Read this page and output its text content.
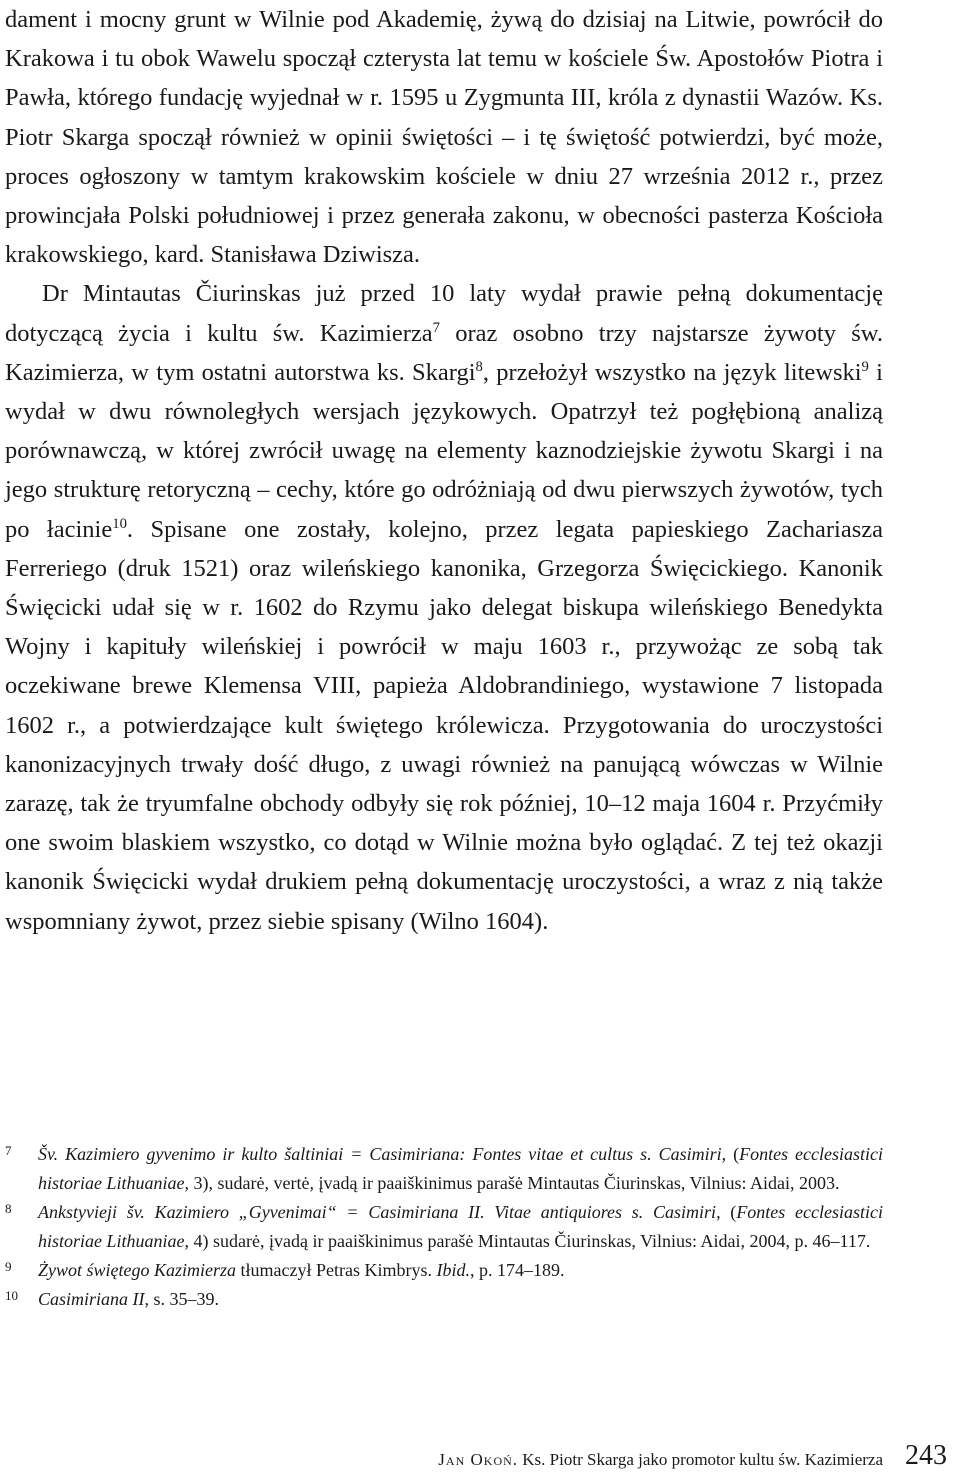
dament i mocny grunt w Wilnie pod Akademię, żywą do dzisiaj na Litwie, powrócił do Krakowa i tu obok Wawelu spoczął czterysta lat temu w kościele Św. Apostołów Piotra i Pawła, którego fundację wyjednał w r. 1595 u Zygmunta III, króla z dynastii Wazów. Ks. Piotr Skarga spoczął również w opinii świętości – i tę świętość potwierdzi, być może, proces ogłoszony w tamtym krakowskim kościele w dniu 27 września 2012 r., przez prowincjała Polski południowej i przez generała zakonu, w obecności pasterza Kościoła krakowskiego, kard. Stanisława Dziwisza.

Dr Mintautas Čiurinskas już przed 10 laty wydał prawie pełną dokumentację dotyczącą życia i kultu św. Kazimierza$^7$ oraz osobno trzy najstarsze żywoty św. Kazimierza, w tym ostatni autorstwa ks. Skargi$^8$, przełożył wszystko na język litewski$^9$ i wydał w dwu równoległych wersjach językowych. Opatrzył też pogłębioną analizą porównawczą, w której zwrócił uwagę na elementy kaznodziejskie żywotu Skargi i na jego strukturę retoryczną – cechy, które go odróżniają od dwu pierwszych żywotów, tych po łacinie$^{10}$. Spisane one zostały, kolejno, przez legata papieskiego Zachariasza Ferreriego (druk 1521) oraz wileńskiego kanonika, Grzegorza Święcickiego. Kanonik Święcicki udał się w r. 1602 do Rzymu jako delegat biskupa wileńskiego Benedykta Wojny i kapituły wileńskiej i powrócił w maju 1603 r., przywożąc ze sobą tak oczekiwane brewe Klemensa VIII, papieża Aldobrandiniego, wystawione 7 listopada 1602 r., a potwierdzające kult świętego królewicza. Przygotowania do uroczystości kanonizacyjnych trwały dość długo, z uwagi również na panującą wówczas w Wilnie zarazę, tak że tryumfalne obchody odbyły się rok później, 10–12 maja 1604 r. Przyćmiły one swoim blaskiem wszystko, co dotąd w Wilnie można było oglądać. Z tej też okazji kanonik Święcicki wydał drukiem pełną dokumentację uroczystości, a wraz z nią także wspomniany żywot, przez siebie spisany (Wilno 1604).

7 Šv. Kazimiero gyvenimo ir kulto šaltiniai = Casimiriana: Fontes vitae et cultus s. Casimiri, (Fontes ecclesiastici historiae Lithuaniae, 3), sudarė, vertė, įvadą ir paaiškinimus parašė Mintautas Čiurinskas, Vilnius: Aidai, 2003.

8 Ankstyvieji šv. Kazimiero „Gyvenimai“ = Casimiriana II. Vitae antiquiores s. Casimiri, (Fontes ecclesiastici historiae Lithuaniae, 4) sudarė, įvadą ir paaiškinimus parašė Mintautas Čiurinskas, Vilnius: Aidai, 2004, p. 46–117.

9 Żywot świętego Kazimierza tłumaczył Petras Kimbrys. Ibid., p. 174–189.

10 Casimiriana II, s. 35–39.

Jan Okoń. Ks. Piotr Skarga jako promotor kultu św. Kazimierza 243
